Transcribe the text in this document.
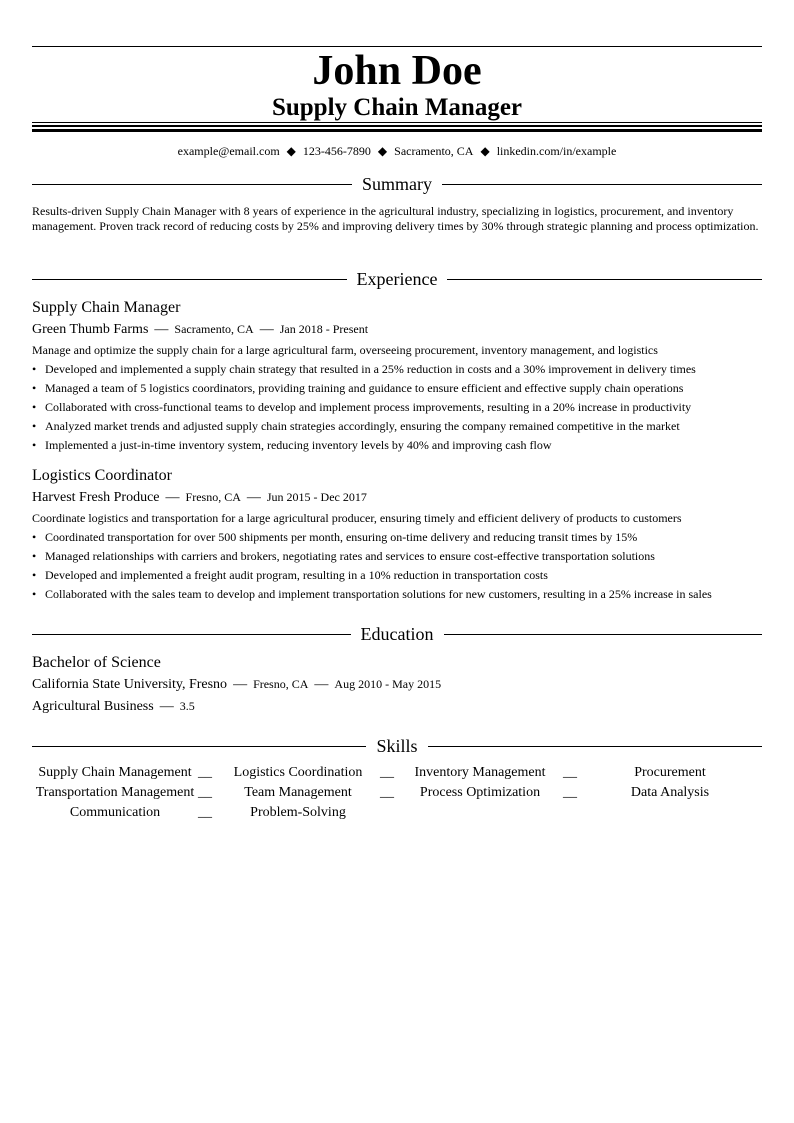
John Doe
Supply Chain Manager
example@email.com ◆ 123-456-7890 ◆ Sacramento, CA ◆ linkedin.com/in/example
Summary
Results-driven Supply Chain Manager with 8 years of experience in the agricultural industry, specializing in logistics, procurement, and inventory management. Proven track record of reducing costs by 25% and improving delivery times by 30% through strategic planning and process optimization.
Experience
Supply Chain Manager
Green Thumb Farms — Sacramento, CA — Jan 2018 - Present
Manage and optimize the supply chain for a large agricultural farm, overseeing procurement, inventory management, and logistics
• Developed and implemented a supply chain strategy that resulted in a 25% reduction in costs and a 30% improvement in delivery times
• Managed a team of 5 logistics coordinators, providing training and guidance to ensure efficient and effective supply chain operations
• Collaborated with cross-functional teams to develop and implement process improvements, resulting in a 20% increase in productivity
• Analyzed market trends and adjusted supply chain strategies accordingly, ensuring the company remained competitive in the market
• Implemented a just-in-time inventory system, reducing inventory levels by 40% and improving cash flow
Logistics Coordinator
Harvest Fresh Produce — Fresno, CA — Jun 2015 - Dec 2017
Coordinate logistics and transportation for a large agricultural producer, ensuring timely and efficient delivery of products to customers
• Coordinated transportation for over 500 shipments per month, ensuring on-time delivery and reducing transit times by 15%
• Managed relationships with carriers and brokers, negotiating rates and services to ensure cost-effective transportation solutions
• Developed and implemented a freight audit program, resulting in a 10% reduction in transportation costs
• Collaborated with the sales team to develop and implement transportation solutions for new customers, resulting in a 25% increase in sales
Education
Bachelor of Science
California State University, Fresno — Fresno, CA — Aug 2010 - May 2015
Agricultural Business — 3.5
Skills
Supply Chain Management __	Logistics Coordination	__	Inventory Management	__	Procurement
Transportation Management __	Team Management	__	Process Optimization	__	Data Analysis
Communication	__	Problem-Solving
